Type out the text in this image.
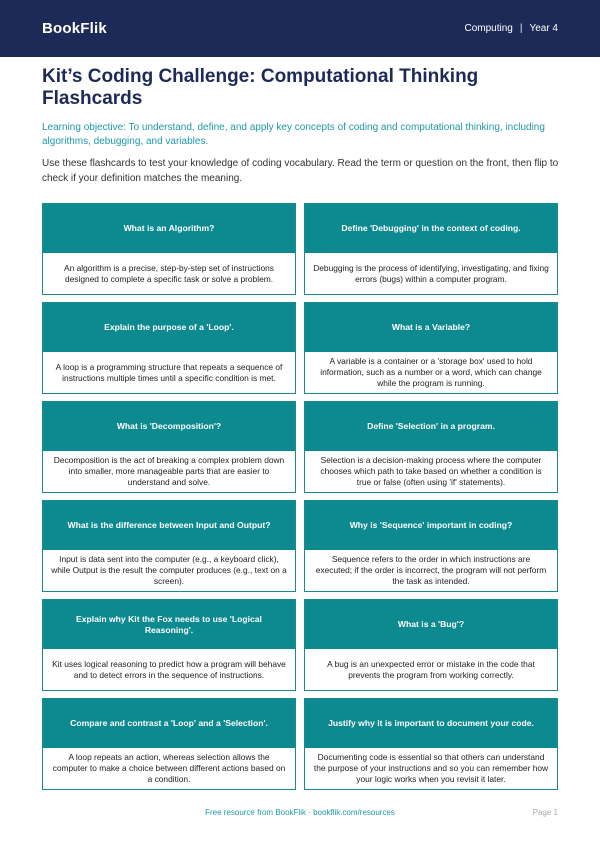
BookFlik	Computing | Year 4
Kit’s Coding Challenge: Computational Thinking Flashcards

Learning objective: To understand, define, and apply key concepts of coding and computational thinking, including algorithms, debugging, and variables.

Use these flashcards to test your knowledge of coding vocabulary. Read the term or question on the front, then flip to check if your definition matches the meaning.

What is an Algorithm?
An algorithm is a precise, step-by-step set of instructions designed to complete a specific task or solve a problem.
Define 'Debugging' in the context of coding.
Debugging is the process of identifying, investigating, and fixing errors (bugs) within a computer program.
Explain the purpose of a 'Loop'.
A loop is a programming structure that repeats a sequence of instructions multiple times until a specific condition is met.
What is a Variable?
A variable is a container or a 'storage box' used to hold information, such as a number or a word, which can change while the program is running.
What is 'Decomposition'?
Decomposition is the act of breaking a complex problem down into smaller, more manageable parts that are easier to understand and solve.
Define 'Selection' in a program.
Selection is a decision-making process where the computer chooses which path to take based on whether a condition is true or false (often using 'if' statements).
What is the difference between Input and Output?
Input is data sent into the computer (e.g., a keyboard click), while Output is the result the computer produces (e.g., text on a screen).
Why is 'Sequence' important in coding?
Sequence refers to the order in which instructions are executed; if the order is incorrect, the program will not perform the task as intended.
Explain why Kit the Fox needs to use 'Logical Reasoning'.
Kit uses logical reasoning to predict how a program will behave and to detect errors in the sequence of instructions.
What is a 'Bug'?
A bug is an unexpected error or mistake in the code that prevents the program from working correctly.
Compare and contrast a 'Loop' and a 'Selection'.
A loop repeats an action, whereas selection allows the computer to make a choice between different actions based on a condition.
Justify why it is important to document your code.
Documenting code is essential so that others can understand the purpose of your instructions and so you can remember how your logic works when you revisit it later.
Free resource from BookFlik · bookflik.com/resources	Page 1
